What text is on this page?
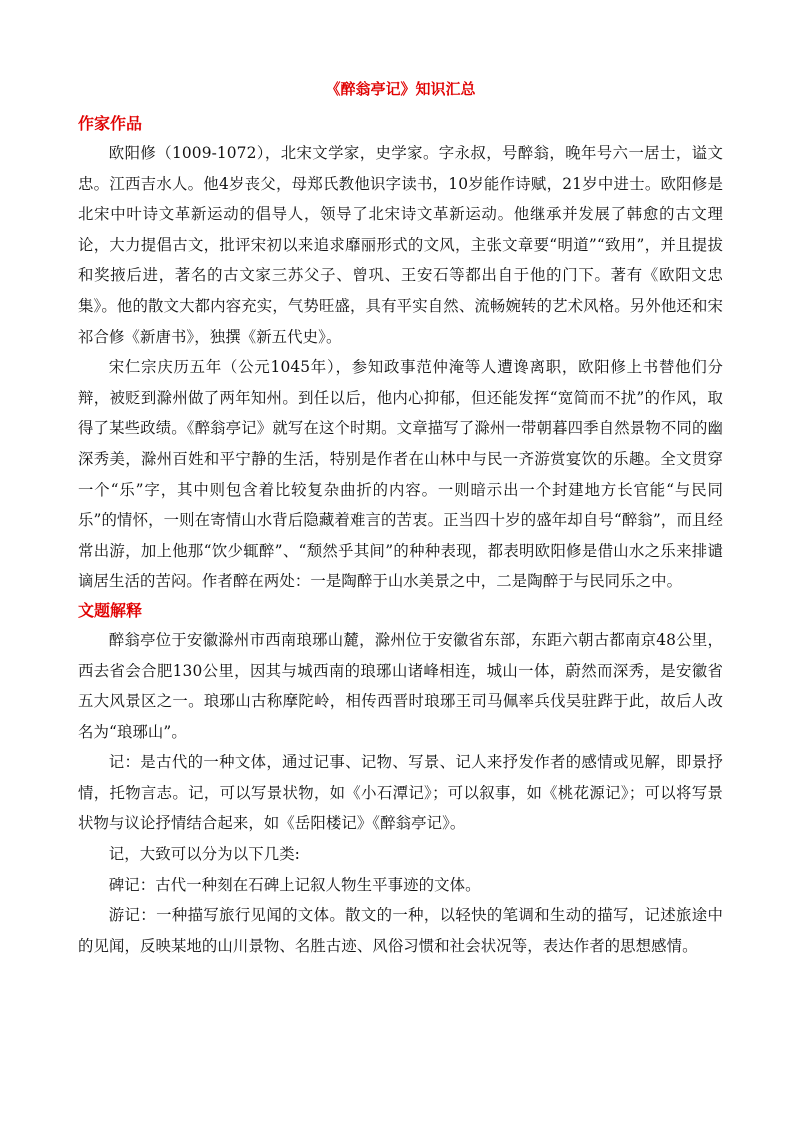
《醉翁亭记》知识汇总
作家作品

欧阳修（1009-1072），北宋文学家，史学家。字永叔，号醉翁，晚年号六一居士，谥文忠。江西吉水人。他4岁丧父，母郑氏教他识字读书，10岁能作诗赋，21岁中进士。欧阳修是北宋中叶诗文革新运动的倡导人，领导了北宋诗文革新运动。他继承并发展了韩愈的古文理论，大力提倡古文，批评宋初以来追求靡丽形式的文风，主张文章要“明道”“致用”，并且提拔和奖掖后进，著名的古文家三苏父子、曾巩、王安石等都出自于他的门下。著有《欧阳文忠集》。他的散文大都内容充实，气势旺盛，具有平实自然、流畅婉转的艺术风格。另外他还和宋祁合修《新唐书》，独撰《新五代史》。

宋仁宗庆历五年（公元1045年），参知政事范仲淹等人遭谗离职，欧阳修上书替他们分辩，被贬到滁州做了两年知州。到任以后，他内心抑郁，但还能发挥“宽简而不扰”的作风，取得了某些政绩。《醉翁亭记》就写在这个时期。文章描写了滁州一带朝暮四季自然景物不同的幽深秀美，滁州百姓和平宁静的生活，特别是作者在山林中与民一齐游赏宴饮的乐趣。全文贯穿一个“乐”字，其中则包含着比较复杂曲折的内容。一则暗示出一个封建地方长官能“与民同乐”的情怀，一则在寄情山水背后隐藏着难言的苦衷。正当四十岁的盛年却自号“醉翁”，而且经常出游，加上他那“饮少辄醉”、“颓然乎其间”的种种表现，都表明欧阳修是借山水之乐来排谴谪居生活的苦闷。作者醉在两处：一是陶醉于山水美景之中，二是陶醉于与民同乐之中。

文题解释

醉翁亭位于安徽滁州市西南琅琊山麓，滁州位于安徽省东部，东距六朝古都南京48公里，西去省会合肥130公里，因其与城西南的琅琊山诸峰相连，城山一体，蔚然而深秀，是安徽省五大风景区之一。琅琊山古称摩陀岭，相传西晋时琅琊王司马佩率兵伐吴驻跸于此，故后人改名为“琅琊山”。

记：是古代的一种文体，通过记事、记物、写景、记人来抒发作者的感情或见解，即景抒情，托物言志。记，可以写景状物，如《小石潭记》；可以叙事，如《桃花源记》；可以将写景状物与议论抒情结合起来，如《岳阳楼记》《醉翁亭记》。

记，大致可以分为以下几类:

碑记：古代一种刻在石碑上记叙人物生平事迹的文体。

游记：一种描写旅行见闻的文体。散文的一种，以轻快的笔调和生动的描写，记述旅途中的见闻，反映某地的山川景物、名胜古迹、风俗习惯和社会状况等，表达作者的思想感情。
